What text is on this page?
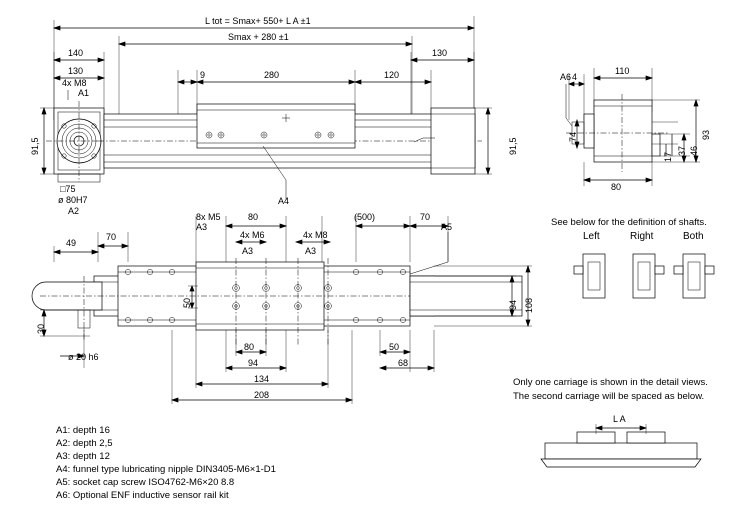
L tot = Smax+ 550+ L A ±1
Smax + 280 ±1
140	130
130	9	280	120
91,5	91,5
□75
ø 80H7
4x M8
A1
A2
A4
A5
A6 4
110
74	93
46
37
17
80
49
70
8x M5	80	(500)	70
A3
4x M6	4x M8
A3	A3
50
30
ø 20 h6
80
94
134
208
50
68
94 108
See below for the definition of shafts.
Left	Right	Both
Only one carriage is shown in the detail views.
The second carriage will be spaced as below.
L A
A1: depth 16
A2: depth 2,5
A3: depth 12
A4: funnel type lubricating nipple DIN3405-M6×1-D1
A5: socket cap screw ISO4762-M6×20 8.8
A6: Optional ENF inductive sensor rail kit
